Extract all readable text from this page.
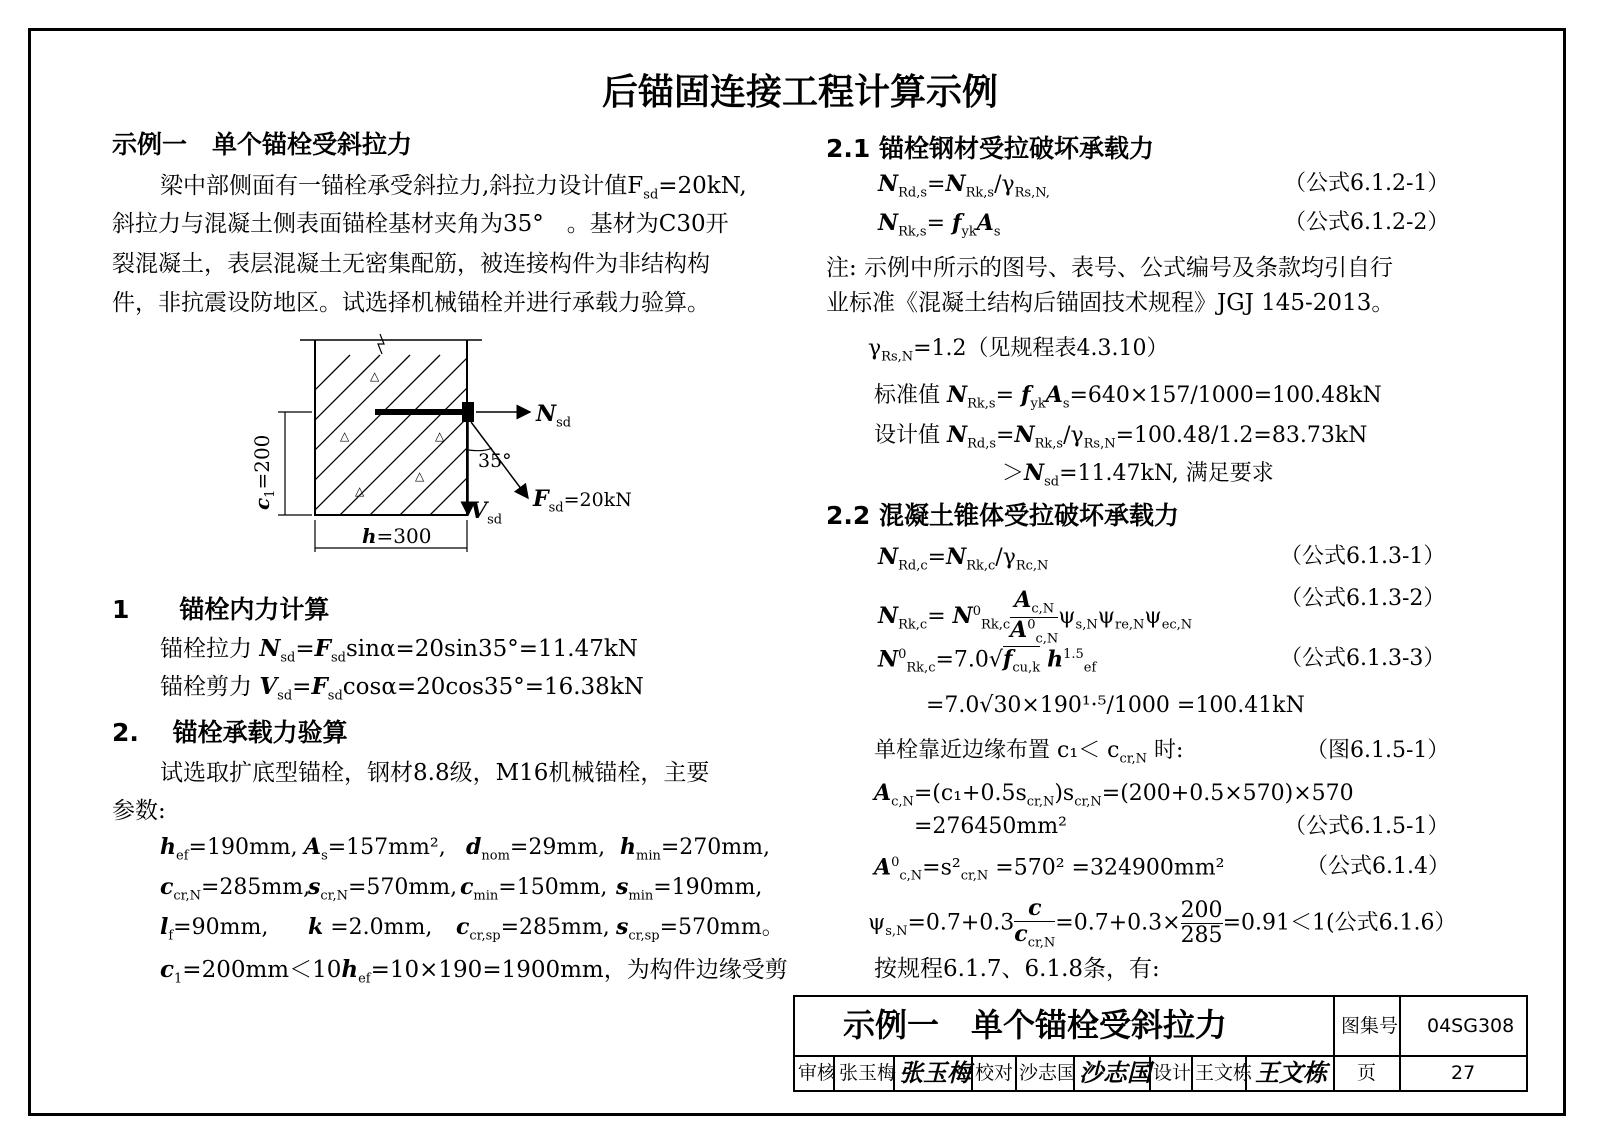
后锚固连接工程计算示例
示例一　单个锚栓受斜拉力
梁中部侧面有一锚栓承受斜拉力,斜拉力设计值$F_{sd}=20kN$,
斜拉力与混凝土侧表面锚栓基材夹角为35°　。基材为C30开
裂混凝土，表层混凝土无密集配筋，被连接构件为非结构构
件，非抗震设防地区。试选择机械锚栓并进行承载力验算。
△
△
△
△
△
$N_{sd}$
35°
$F_{sd}=20kN$
$V_{sd}$
$c_1=200$
h=300
1　　锚栓内力计算
锚栓拉力 $N_{sd}=F_{sd}\sin\alpha=20\sin 35^\circ=11.47kN$
锚栓剪力 $V_{sd}=F_{sd}\cos\alpha=20\cos 35^\circ=16.38kN$
2.　 锚栓承载力验算
试选取扩底型锚栓，钢材8.8级，M16机械锚栓，主要
参数:
$h_{ef}=190mm$, $A_s=157mm^2$, $d_{nom}=29mm$, $h_{min}=270mm$,
$c_{cr,N}=285mm$,
$s_{cr,N}=570mm$, $c_{min}=150mm$, $s_{min}=190mm$,
$l_f=90mm$, k =2.0mm, $c_{cr,sp}=285mm$, $s_{cr,sp}=570mm$。
$c_1=200mm<10h_{ef}=10\times 190=1900mm$，为构件边缘受剪
2.1 锚栓钢材受拉破坏承载力
$N_{Rd,s}=N_{Rk,s}/\gamma_{Rs,N,}$	（公式6.1.2-1）
$N_{Rk,s}= f_{yk}A_s$	（公式6.1.2-2）
注: 示例中所示的图号、表号、公式编号及条款均引自行
业标准《混凝土结构后锚固技术规程》JGJ 145-2013。
$\gamma_{Rs,N}=1.2$（见规程表4.3.10）
标准值 $N_{Rk,s}= f_{yk}A_s=640\times 157/1000=100.48kN$
设计值 $N_{Rd,s}=N_{Rk,s}/\gamma_{Rs,N}=100.48/1.2=83.73kN$
$>N_{sd}=11.47kN$, 满足要求
2.2 混凝土锥体受拉破坏承载力
$N_{Rd,c}=N_{Rk,c}/\gamma_{Rc,N}$	（公式6.1.3-1）
$N_{Rk,c}= N^0_{Rk,c} \frac{A_{c,N}}{A^0_{c,N}} \psi_{s,N}\psi_{re,N}\psi_{ec,N}$
（公式6.1.3-2）
$N^0_{Rk,c}=7.0√f_{cu,k}$ $h^{1.5}_{ef}$	（公式6.1.3-3）
=7.0√30×190¹·⁵/1000 =100.41kN
单栓靠近边缘布置 $c_1< c_{cr,N}$ 时:	（图6.1.5-1）
$A_{c,N}=(c_1+0.5s_{cr,N})s_{cr,N}=(200+0.5\times 570)\times 570$
=276450mm²	（公式6.1.5-1）
$A^0_{c,N}=s^2_{cr,N} =570^2 =324900mm^2$	（公式6.1.4）
$\psi_{s,N}=0.7+0.3$
c
$c_{cr,N}$
$=0.7+0.3\times \frac{200}{285} =0.91<1$(公式6.1.6）
按规程6.1.7、6.1.8条，有:
示例一　单个锚栓受斜拉力	图集号 04SG308
审核 张玉梅 张玉梅 校对 沙志国 沙志国 设计 王文栋 王文栋 页	27
